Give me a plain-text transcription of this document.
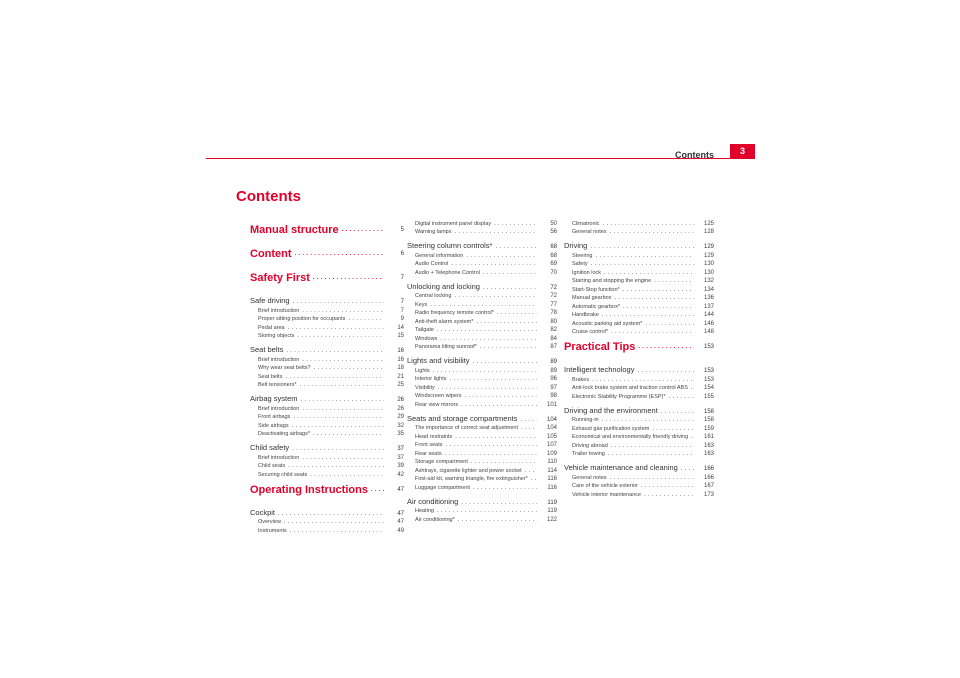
Contents	3
Contents
Manual structure . . .	5
Content . . .	6
Safety First . . .	7
Safe driving . . .	7
Brief introduction . . .	7
Proper sitting position for occupants . . .	9
Pedal area . . .	14
Storing objects . . .	15
Seat belts . . .	16
Brief introduction . . .	16
Why wear seat belts? . . .	18
Seat belts . . .	21
Belt tensioners* . . .	25
Airbag system . . .	26
Brief introduction . . .	26
Front airbags . . .	29
Side airbags . . .	32
Deactivating airbags* . . .	35
Child safety . . .	37
Brief introduction . . .	37
Child seats . . .	39
Securing child seats . . .	42
Operating Instructions . . .	47
Cockpit . . .	47
Overview . . .	47
Instruments . . .	49
Digital instrument panel display . . .	50
Warning lamps . . .	56
Steering column controls* . . .	68
General information . . .	68
Audio Control . . .	69
Audio + Telephone Control . . .	70
Unlocking and locking . . .	72
Central locking . . .	72
Keys . . .	77
Radio frequency remote control* . . .	78
Anti-theft alarm system* . . .	80
Tailgate . . .	82
Windows . . .	84
Panorama tilting sunroof* . . .	87
Lights and visibility . . .	89
Lights . . .	89
Interior lights . . .	96
Visibility . . .	97
Windscreen wipers . . .	98
Rear view mirrors . . .	101
Seats and storage compartments . . .	104
The importance of correct seat adjustment . . .	104
Head restraints . . .	105
Front seats . . .	107
Rear seats . . .	109
Storage compartment . . .	110
Ashtrays, cigarette lighter and power socket . . .	114
First-aid kit, warning triangle, fire extinguisher* . . .	116
Luggage compartment . . .	116
Air conditioning . . .	119
Heating . . .	119
Air conditioning* . . .	122
Climatronic . . .	125
General notes . . .	128
Driving . . .	129
Steering . . .	129
Safety . . .	130
Ignition lock . . .	130
Starting and stopping the engine . . .	132
Start-Stop function* . . .	134
Manual gearbox . . .	136
Automatic gearbox* . . .	137
Handbrake . . .	144
Acoustic parking aid system* . . .	146
Cruise control* . . .	148
Practical Tips . . .	153
Intelligent technology . . .	153
Brakes . . .	153
Anti-lock brake system and traction control ABS . . .	154
Electronic Stability Programme (ESP)* . . .	155
Driving and the environment . . .	158
Running-in . . .	158
Exhaust gas purification system . . .	159
Economical and environmentally friendly driving . . .	161
Driving abroad . . .	163
Trailer towing . . .	163
Vehicle maintenance and cleaning . . .	166
General notes . . .	166
Care of the vehicle exterior . . .	167
Vehicle interior maintenance . . .	173
